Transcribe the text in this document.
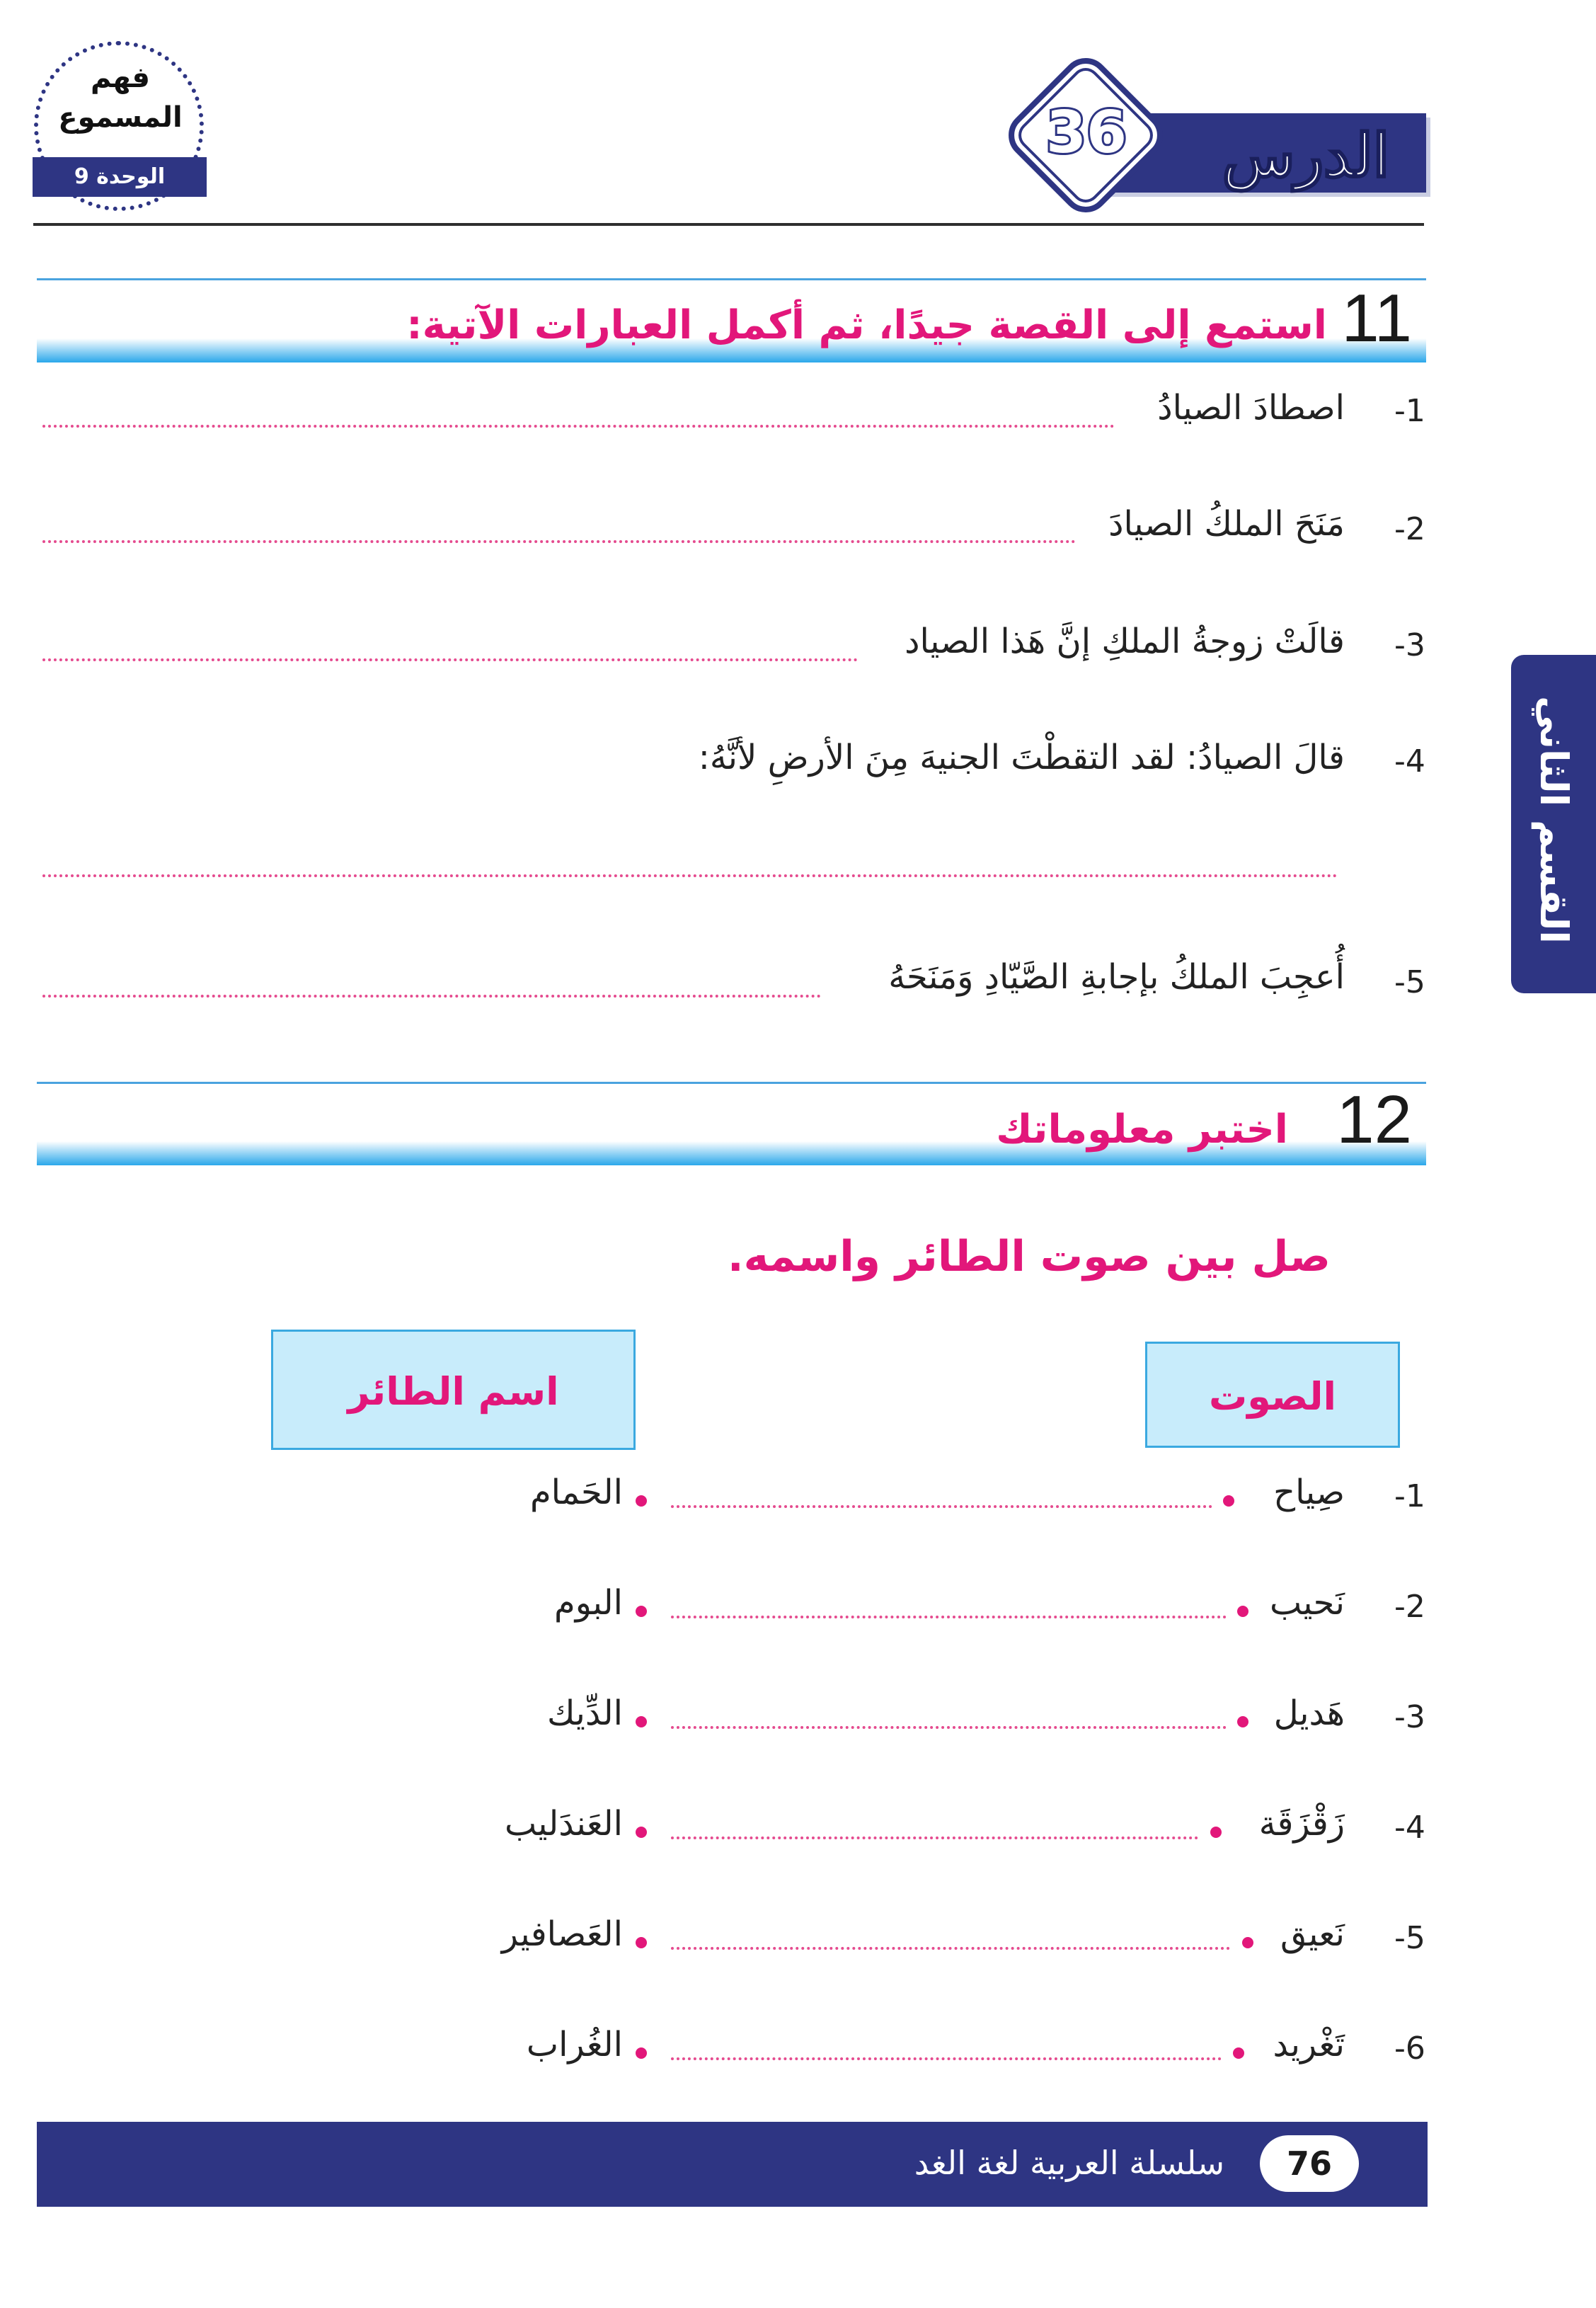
فهم المسموع
الوحدة 9	الدرس
36
القسم الثاني
11
استمع إلى القصة جيدًا، ثم أكمل العبارات الآتية:
-1
اصطادَ الصيادُ
-2
مَنَحَ الملكُ الصيادَ
-3
قالَتْ زوجةُ الملكِ إنَّ هَذا الصياد
-4
قالَ الصيادُ: لقد التقطْتَ الجنيهَ مِنَ الأرضِ لأنَّهُ:
-5
أُعجِبَ الملكُ بإجابةِ الصَّيّادِ وَمَنَحَهُ
12
اختبر معلوماتك
صل بين صوت الطائر واسمه.
الصوت
اسم الطائر
-1
صِياح
الحَمام
-2
نَحيب
البوم
-3
هَديل
الدِّيك
-4
زَقْزَقَة
العَندَليب
-5
نَعيق
العَصافير
-6
تَغْريد
الغُراب
سلسلة العربية لغة الغد	76
